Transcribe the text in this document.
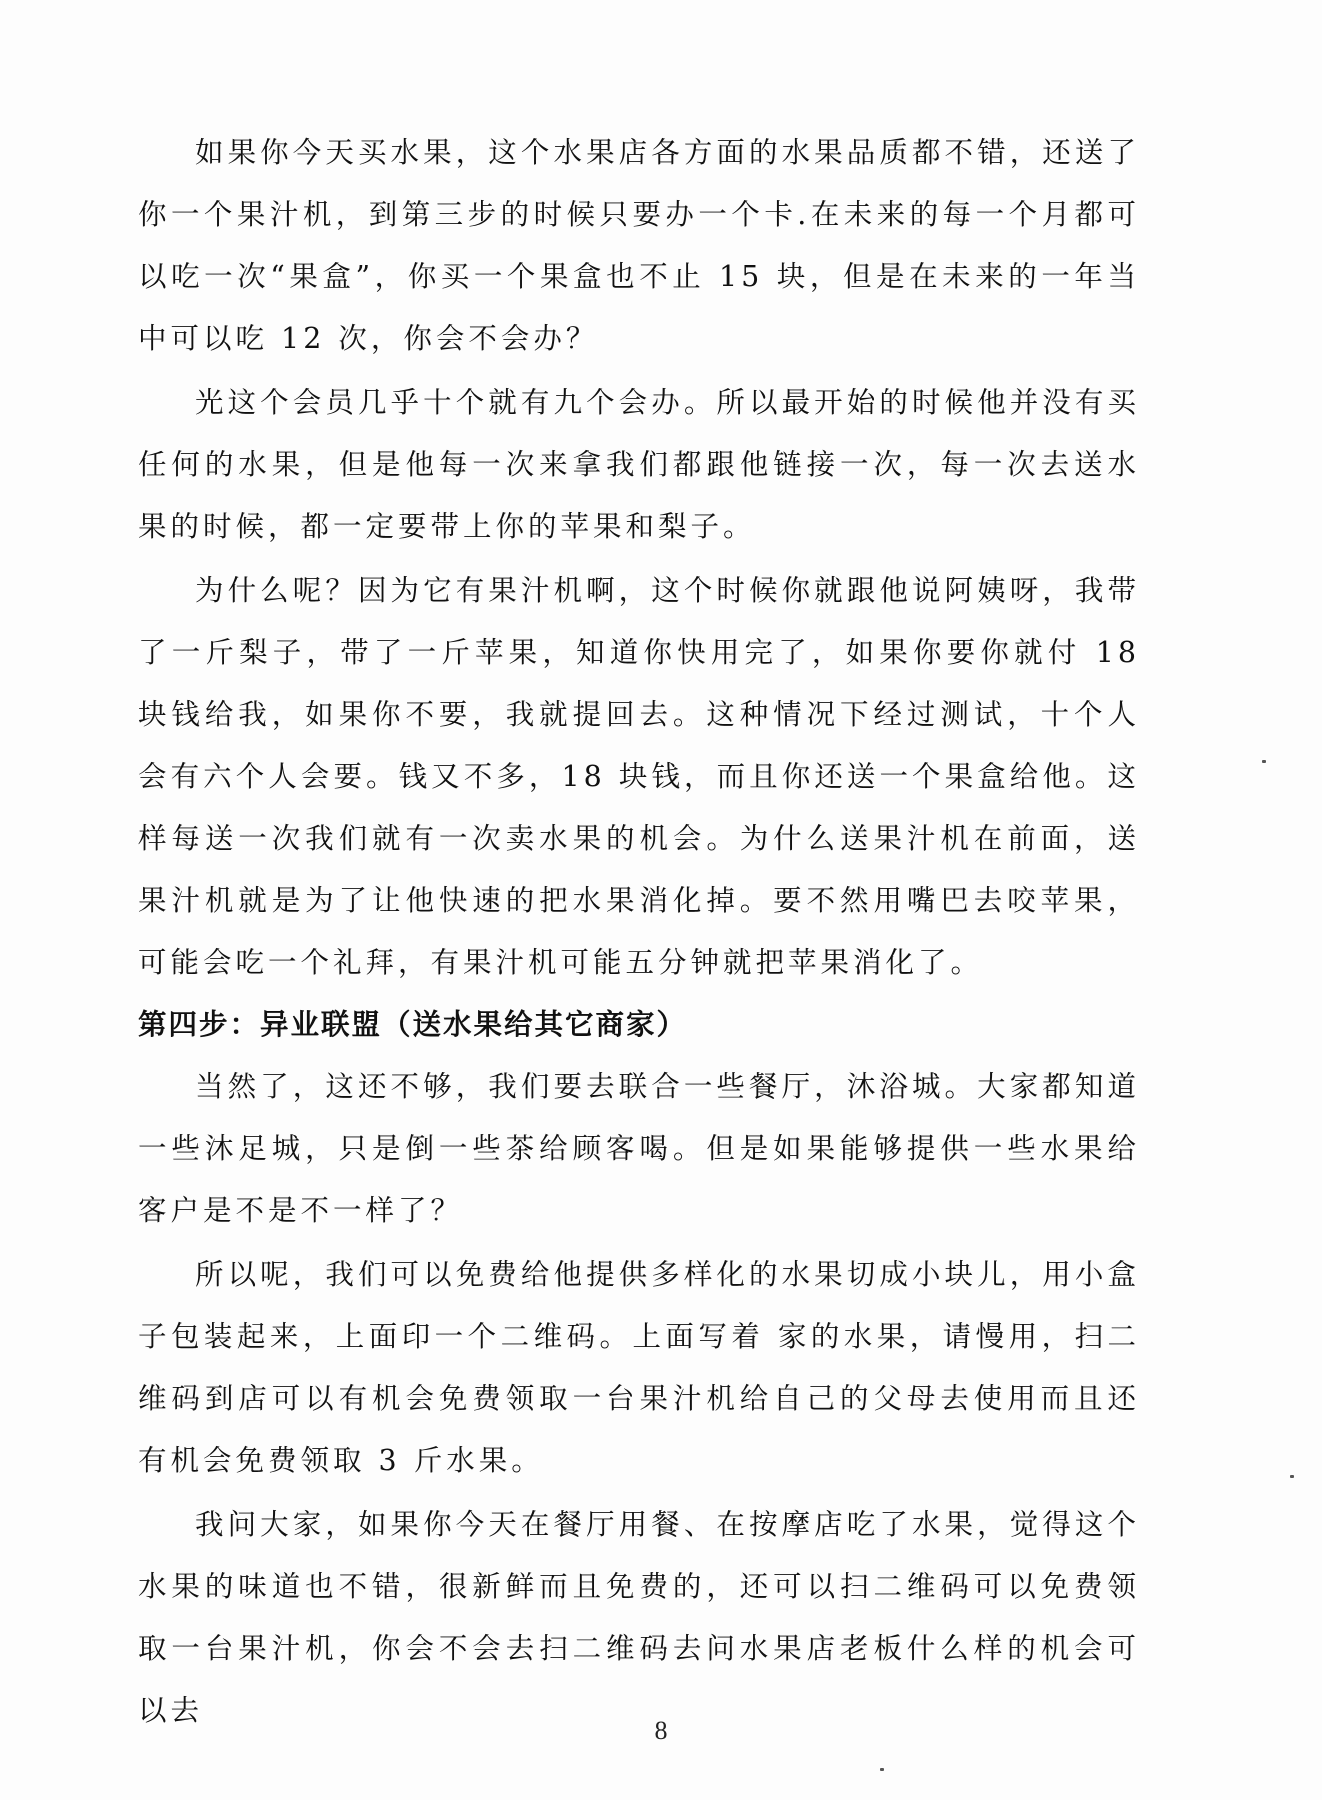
如果你今天买水果，这个水果店各方面的水果品质都不错，还送了你一个果汁机，到第三步的时候只要办一个卡.在未来的每一个月都可以吃一次“果盒”，你买一个果盒也不止 15 块，但是在未来的一年当中可以吃 12 次，你会不会办？

光这个会员几乎十个就有九个会办。所以最开始的时候他并没有买任何的水果，但是他每一次来拿我们都跟他链接一次，每一次去送水果的时候，都一定要带上你的苹果和梨子。

为什么呢？因为它有果汁机啊，这个时候你就跟他说阿姨呀，我带了一斤梨子，带了一斤苹果，知道你快用完了，如果你要你就付 18 块钱给我，如果你不要，我就提回去。这种情况下经过测试，十个人会有六个人会要。钱又不多，18 块钱，而且你还送一个果盒给他。这样每送一次我们就有一次卖水果的机会。为什么送果汁机在前面，送果汁机就是为了让他快速的把水果消化掉。要不然用嘴巴去咬苹果，可能会吃一个礼拜，有果汁机可能五分钟就把苹果消化了。

第四步：异业联盟（送水果给其它商家）

当然了，这还不够，我们要去联合一些餐厅，沐浴城。大家都知道一些沐足城，只是倒一些茶给顾客喝。但是如果能够提供一些水果给客户是不是不一样了？

所以呢，我们可以免费给他提供多样化的水果切成小块儿，用小盒子包装起来，上面印一个二维码。上面写着 家的水果，请慢用，扫二维码到店可以有机会免费领取一台果汁机给自己的父母去使用而且还有机会免费领取 3 斤水果。

我问大家，如果你今天在餐厅用餐、在按摩店吃了水果，觉得这个水果的味道也不错，很新鲜而且免费的，还可以扫二维码可以免费领取一台果汁机，你会不会去扫二维码去问水果店老板什么样的机会可以去

8
